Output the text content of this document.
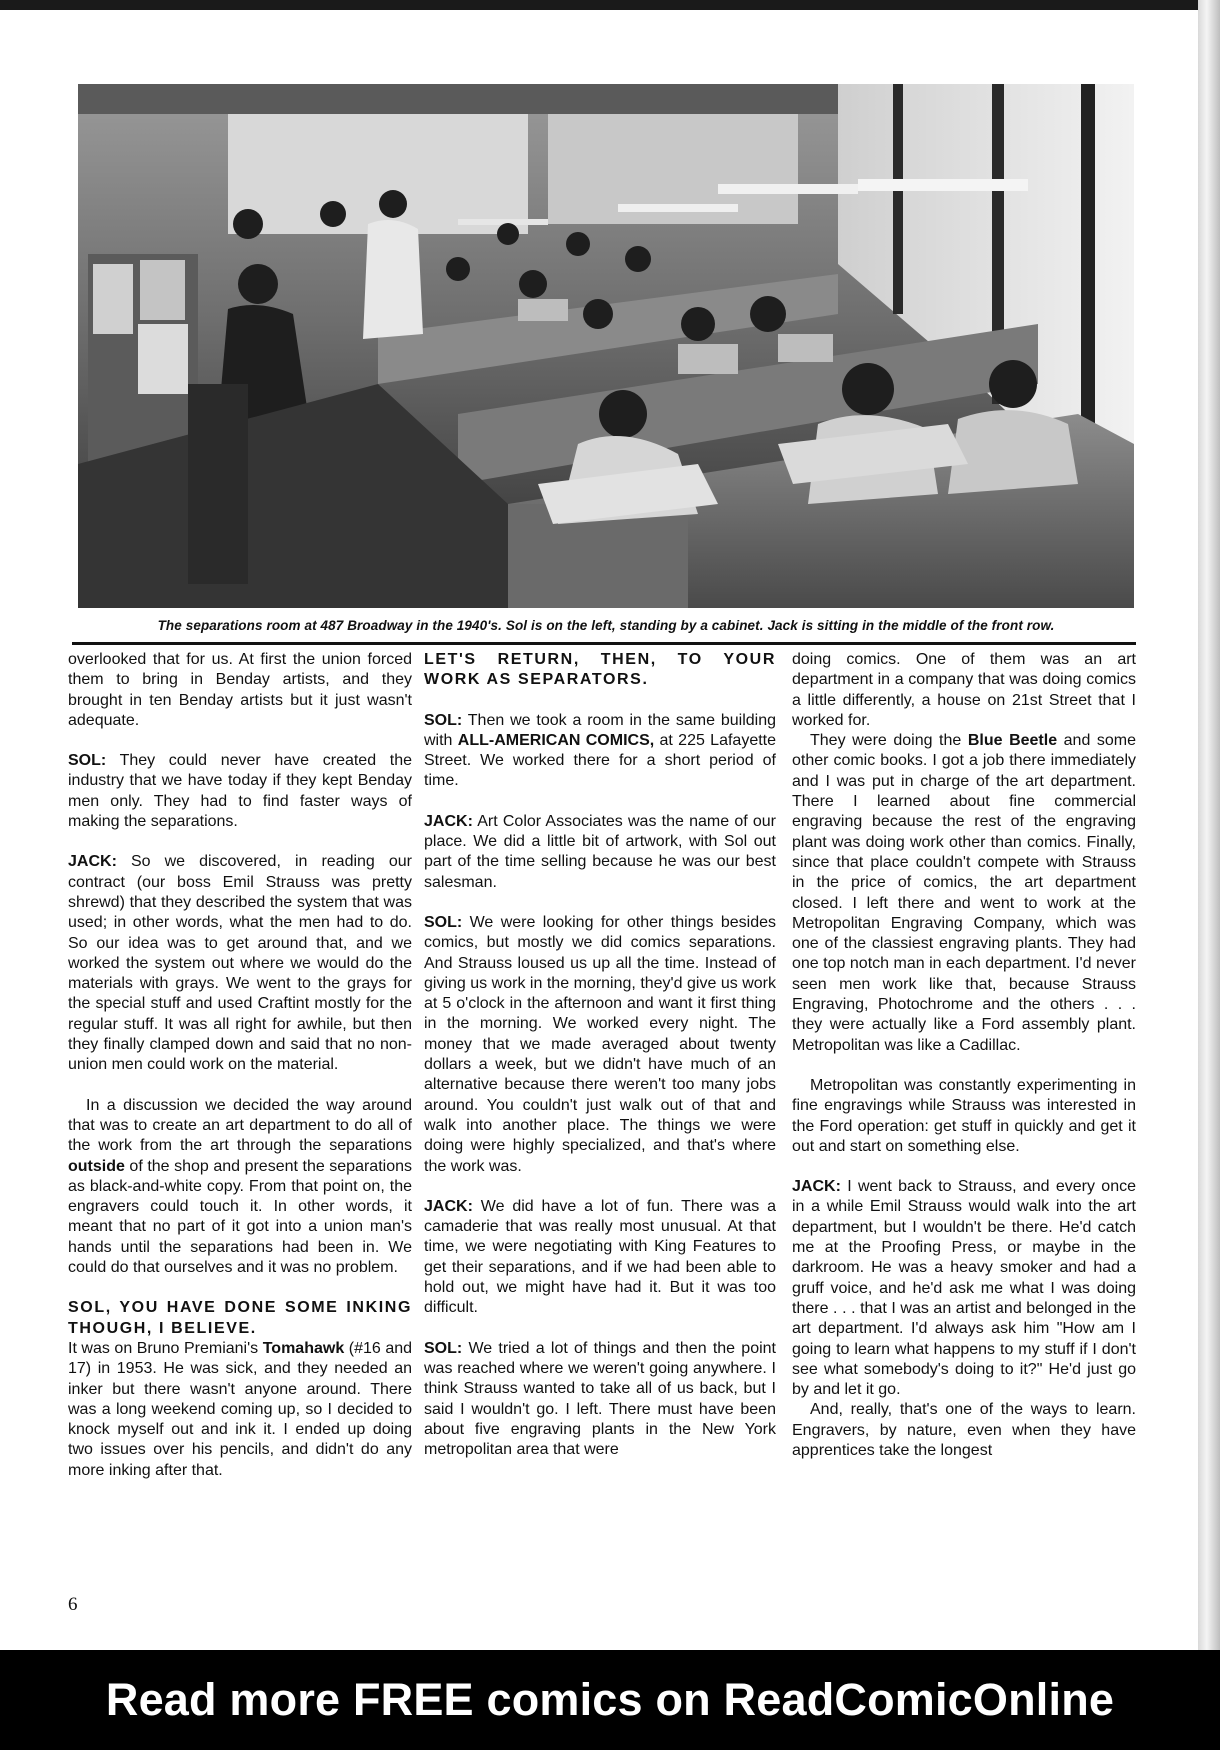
The separations room at 487 Broadway in the 1940's. Sol is on the left, standing by a cabinet. Jack is sitting in the middle of the front row.

overlooked that for us. At first the union forced them to bring in Benday artists, and they brought in ten Benday artists but it just wasn't adequate.

SOL: They could never have created the industry that we have today if they kept Benday men only. They had to find faster ways of making the separations.

JACK: So we discovered, in reading our contract (our boss Emil Strauss was pretty shrewd) that they described the system that was used; in other words, what the men had to do. So our idea was to get around that, and we worked the system out where we would do the materials with grays. We went to the grays for the special stuff and used Craftint mostly for the regular stuff. It was all right for awhile, but then they finally clamped down and said that no non-union men could work on the material.

In a discussion we decided the way around that was to create an art department to do all of the work from the art through the separations outside of the shop and present the separations as black-and-white copy. From that point on, the engravers could touch it. In other words, it meant that no part of it got into a union man's hands until the separations had been in. We could do that ourselves and it was no problem.

SOL, YOU HAVE DONE SOME INKING THOUGH, I BELIEVE.

It was on Bruno Premiani's Tomahawk (#16 and 17) in 1953. He was sick, and they needed an inker but there wasn't anyone around. There was a long weekend coming up, so I decided to knock myself out and ink it. I ended up doing two issues over his pencils, and didn't do any more inking after that.

LET'S RETURN, THEN, TO YOUR WORK AS SEPARATORS.

SOL: Then we took a room in the same building with ALL-AMERICAN COMICS, at 225 Lafayette Street. We worked there for a short period of time.

JACK: Art Color Associates was the name of our place. We did a little bit of artwork, with Sol out part of the time selling because he was our best salesman.

SOL: We were looking for other things besides comics, but mostly we did comics separations. And Strauss loused us up all the time. Instead of giving us work in the morning, they'd give us work at 5 o'clock in the afternoon and want it first thing in the morning. We worked every night. The money that we made averaged about twenty dollars a week, but we didn't have much of an alternative because there weren't too many jobs around. You couldn't just walk out of that and walk into another place. The things we were doing were highly specialized, and that's where the work was.

JACK: We did have a lot of fun. There was a camaderie that was really most unusual. At that time, we were negotiating with King Features to get their separations, and if we had been able to hold out, we might have had it. But it was too difficult.

SOL: We tried a lot of things and then the point was reached where we weren't going anywhere. I think Strauss wanted to take all of us back, but I said I wouldn't go. I left. There must have been about five engraving plants in the New York metropolitan area that were

doing comics. One of them was an art department in a company that was doing comics a little differently, a house on 21st Street that I worked for.

They were doing the Blue Beetle and some other comic books. I got a job there immediately and I was put in charge of the art department. There I learned about fine commercial engraving because the rest of the engraving plant was doing work other than comics. Finally, since that place couldn't compete with Strauss in the price of comics, the art department closed. I left there and went to work at the Metropolitan Engraving Company, which was one of the classiest engraving plants. They had one top notch man in each department. I'd never seen men work like that, because Strauss Engraving, Photochrome and the others . . . they were actually like a Ford assembly plant. Metropolitan was like a Cadillac.

Metropolitan was constantly experimenting in fine engravings while Strauss was interested in the Ford operation: get stuff in quickly and get it out and start on something else.

JACK: I went back to Strauss, and every once in a while Emil Strauss would walk into the art department, but I wouldn't be there. He'd catch me at the Proofing Press, or maybe in the darkroom. He was a heavy smoker and had a gruff voice, and he'd ask me what I was doing there . . . that I was an artist and belonged in the art department. I'd always ask him "How am I going to learn what happens to my stuff if I don't see what somebody's doing to it?" He'd just go by and let it go.

And, really, that's one of the ways to learn. Engravers, by nature, even when they have apprentices take the longest

6
Read more FREE comics on ReadComicOnline
